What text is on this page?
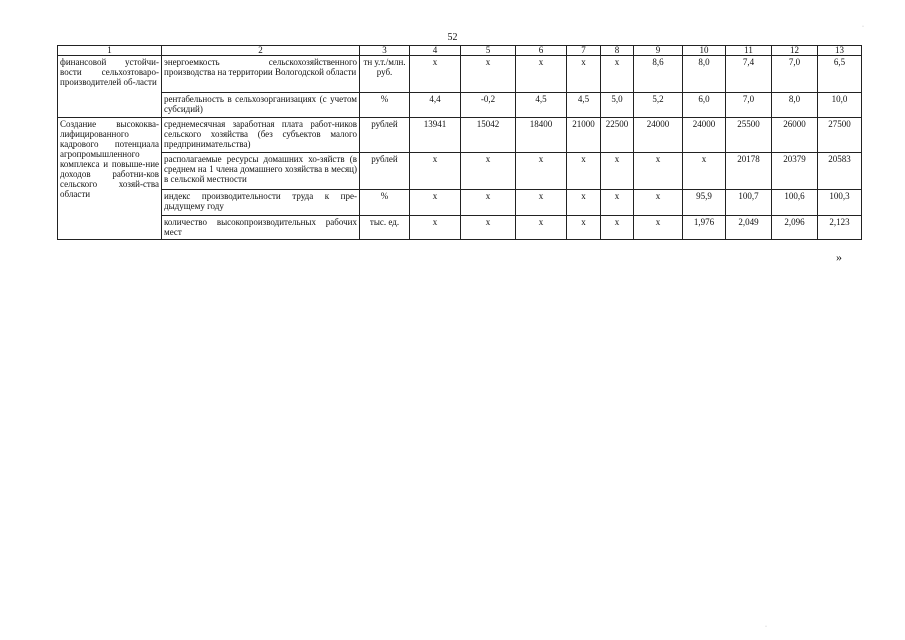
52
1	2	3	4	5	6	7	8	9	10	11	12	13
финансовой устойчи-вости сельхозтоваро-производителей об-ласти	энергоемкость сельскохозяйственного производства на территории Вологодской области	тн у.т./млн. руб.	х	х	х	х	х	8,6	8,0	7,4	7,0	6,5
	рентабельность в сельхозорганизациях (с учетом субсидий)	%	4,4	-0,2	4,5	4,5	5,0	5,2	6,0	7,0	8,0	10,0
Создание высококва-лифицированного кадрового потенциала агропромышленного комплекса и повыше-ние доходов работни-ков сельского хозяй-ства области	среднемесячная заработная плата работ-ников сельского хозяйства (без субъектов малого предпринимательства)	рублей	13941	15042	18400	21000	22500	24000	24000	25500	26000	27500
	располагаемые ресурсы домашних хо-зяйств (в среднем на 1 члена домашнего хозяйства в месяц) в сельской местности	рублей	х	х	х	х	х	х	х	20178	20379	20583
	индекс производительности труда к пре-дыдущему году	%	х	х	х	х	х	х	95,9	100,7	100,6	100,3
	количество высокопроизводительных рабочих мест	тыс. ед.	х	х	х	х	х	х	1,976	2,049	2,096	2,123
»
·
·
